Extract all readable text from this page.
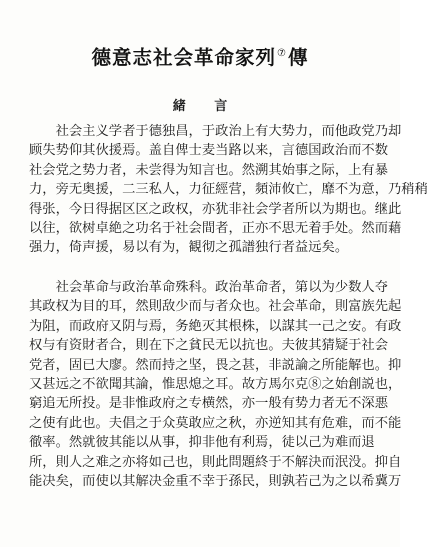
德意志社会革命家列⑦傳
緒 言
　　社会主义学者于德独昌，于政治上有大势力，而他政党乃却
顾失势仰其伙援焉。盖自俾士麦当路以来，言德国政治而不数
社会党之势力者，未尝得为知言也。然溯其始事之际，上有暴
力，旁无奥援，二三私人，力征經营，頻沛攸亡，靡不为意，乃稍稍
得张，今日得据区区之政权，亦犹非社会学者所以为期也。继此
以往，欲树卓絶之功名于社会間者，正亦不思无着手处。然而藉
强力，倚声援，易以有为，観彻之孤譜独行者益远矣。
　　社会革命与政治革命殊科。政治革命者，第以为少数人夺
其政权为目的耳，然則敌少而与者众也。社会革命，則富族先起
为阻，而政府又阴与焉，务絶灭其根株，以謀其一己之安。有政
权与有资財者合，則在下之貧民无以抗也。夫彼其猜疑于社会
党者，固已大廖。然而持之坚，畏之甚，非説論之所能解也。抑
又甚远之不欲聞其論，惟思熄之耳。故方馬尔克⑧之始創説也，
窮追无所投。是非惟政府之专横然，亦一般有势力者无不深悪
之使有此也。夫倡之于众莫敢应之秋，亦逆知其有危难，而不能
徹率。然就彼其能以从事，抑非他有利焉，徒以己为难而退
所，則人之难之亦将如己也，則此問題終于不解決而泯没。抑自
能决矣，而使以其解决金重不幸于孫民，則孰若己为之以希冀万
